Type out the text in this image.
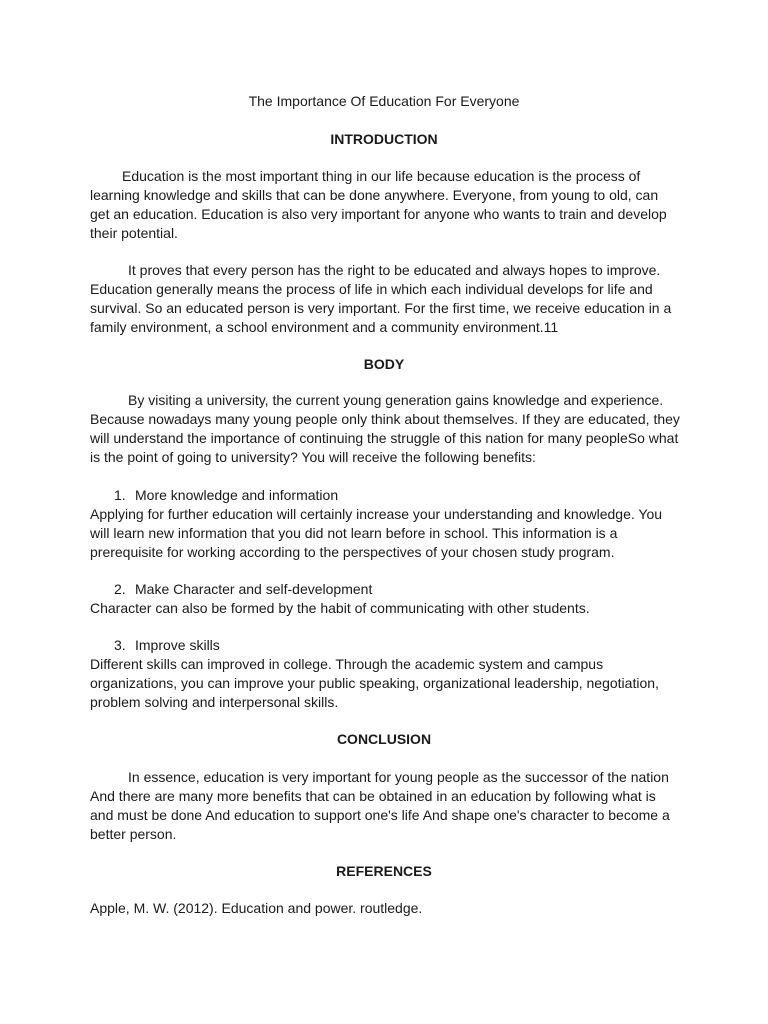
The Importance Of Education For Everyone

INTRODUCTION

Education is the most important thing in our life because education is the process of learning knowledge and skills that can be done anywhere. Everyone, from young to old, can get an education. Education is also very important for anyone who wants to train and develop their potential.

It proves that every person has the right to be educated and always hopes to improve. Education generally means the process of life in which each individual develops for life and survival. So an educated person is very important. For the first time, we receive education in a family environment, a school environment and a community environment.11

BODY

By visiting a university, the current young generation gains knowledge and experience. Because nowadays many young people only think about themselves. If they are educated, they will understand the importance of continuing the struggle of this nation for many peopleSo what is the point of going to university? You will receive the following benefits:

1. More knowledge and information

Applying for further education will certainly increase your understanding and knowledge. You will learn new information that you did not learn before in school. This information is a prerequisite for working according to the perspectives of your chosen study program.

2. Make Character and self-development

Character can also be formed by the habit of communicating with other students.

3. Improve skills

Different skills can improved in college. Through the academic system and campus organizations, you can improve your public speaking, organizational leadership, negotiation, problem solving and interpersonal skills.

CONCLUSION

In essence, education is very important for young people as the successor of the nation And there are many more benefits that can be obtained in an education by following what is and must be done And education to support one's life And shape one's character to become a better person.

REFERENCES

Apple, M. W. (2012). Education and power. routledge.
